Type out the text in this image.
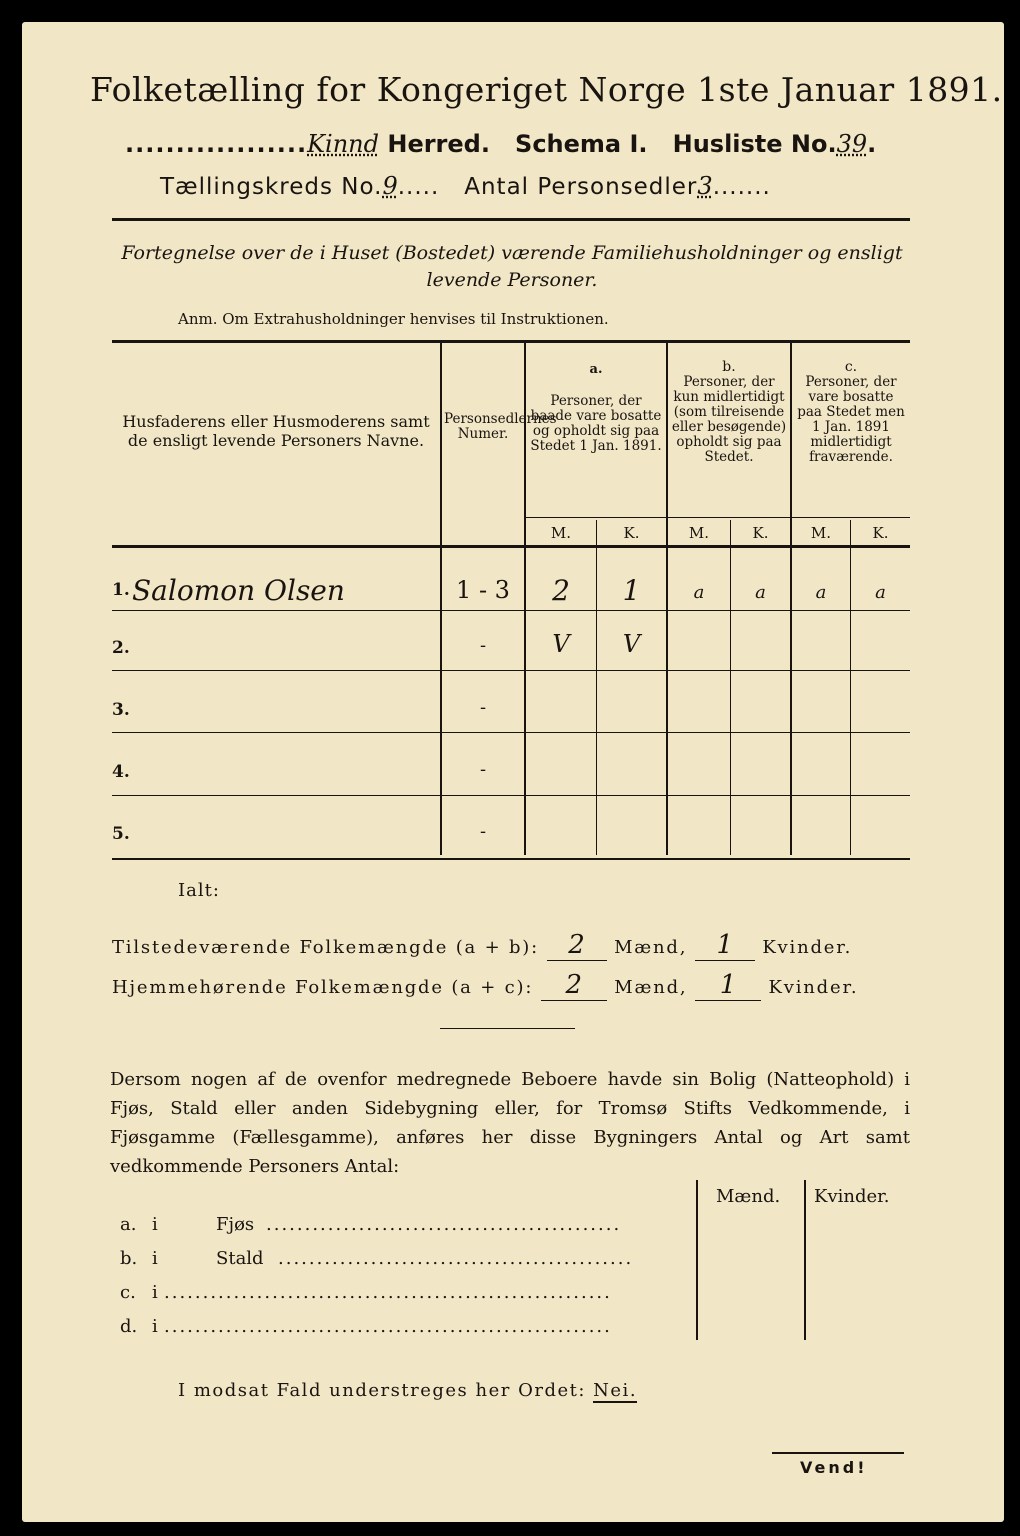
Folketælling for Kongeriget Norge 1ste Januar 1891.
..................Kinnd Herred. Schema I. Husliste No.39.
Tællingskreds No.9..... Antal Personsedler3.......
Fortegnelse over de i Huset (Bostedet) værende Familiehusholdninger og ensligt levende Personer.
Anm. Om Extrahusholdninger henvises til Instruktionen.
Husfaderens eller Husmoderens samt de ensligt levende Personers Navne.
Personsedlernes Numer.
a.
Personer, der baade vare bosatte og opholdt sig paa Stedet 1 Jan. 1891.
b.
Personer, der kun midlertidigt (som tilreisende eller besøgende) opholdt sig paa Stedet.
c.
Personer, der vare bosatte paa Stedet men 1 Jan. 1891 midlertidigt fraværende.
M.	K.	M.	K.	M.	K.
1. Salomon Olsen	1 - 3	2	1	a	a	a	a
2.	-	V	V
3.	-
4.	-
5.	-
Ialt:
Tilstedeværende Folkemængde (a + b): 2 Mænd, 1 Kvinder.
Hjemmehørende Folkemængde (a + c): 2 Mænd, 1 Kvinder.
Dersom nogen af de ovenfor medregnede Beboere havde sin Bolig (Natteophold) i Fjøs, Stald eller anden Sidebygning eller, for Tromsø Stifts Vedkommende, i Fjøsgamme (Fællesgamme), anføres her disse Bygningers Antal og Art samt vedkommende Personers Antal:
Mænd. Kvinder.
a. i	Fjøs ..............................................
b. i	Stald ..............................................
c. i ..........................................................
d. i ..........................................................
I modsat Fald understreges her Ordet: Nei.
Vend!
